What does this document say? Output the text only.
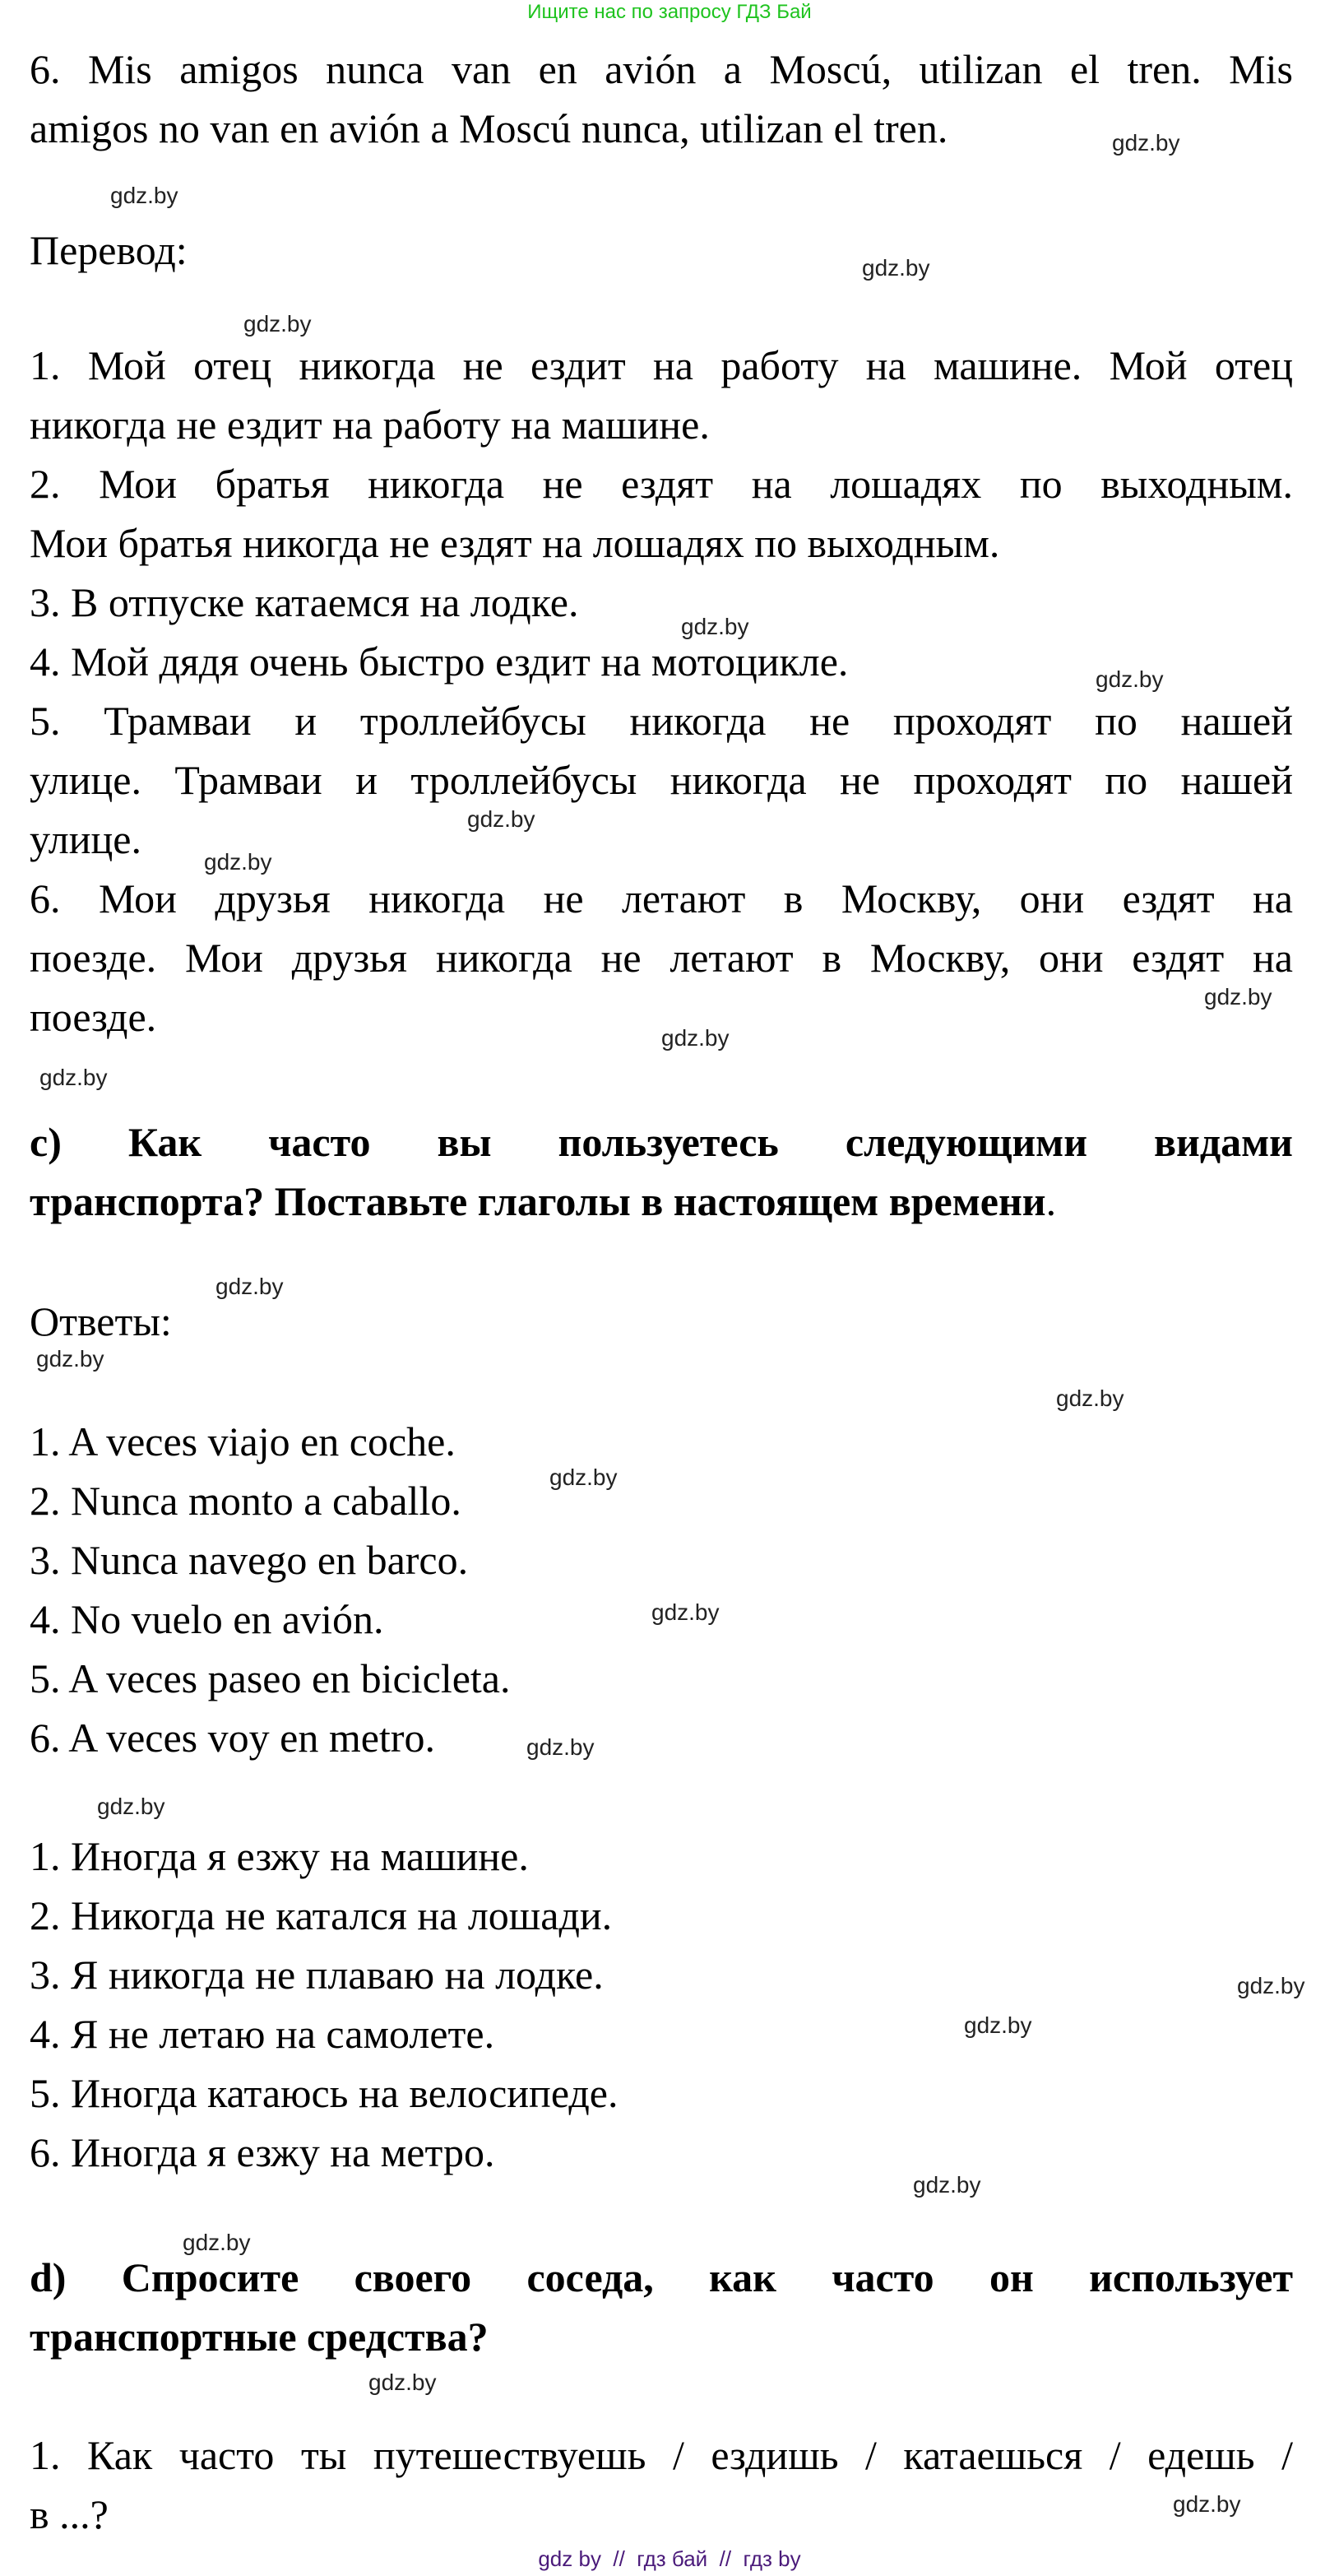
Ищите нас по запросу ГДЗ Бай
6. Mis amigos nunca van en avión a Moscú, utilizan el tren. Mis
amigos no van en avión a Moscú nunca, utilizan el tren.
Перевод:
1. Мой отец никогда не ездит на работу на машине. Мой отец
никогда не ездит на работу на машине.
2. Мои братья никогда не ездят на лошадях по выходным.
Мои братья никогда не ездят на лошадях по выходным.
3. В отпуске катаемся на лодке.
4. Мой дядя очень быстро ездит на мотоцикле.
5. Трамваи и троллейбусы никогда не проходят по нашей
улице. Трамваи и троллейбусы никогда не проходят по нашей
улице.
6. Мои друзья никогда не летают в Москву, они ездят на
поезде. Мои друзья никогда не летают в Москву, они ездят на
поезде.
c) Как часто вы пользуетесь следующими видами
транспорта? Поставьте глаголы в настоящем времени.
Ответы:
1. A veces viajo en coche.
2. Nunca monto a caballo.
3. Nunca navego en barco.
4. No vuelo en avión.
5. A veces paseo en bicicleta.
6. A veces voy en metro.
1. Иногда я езжу на машине.
2. Никогда не катался на лошади.
3. Я никогда не плаваю на лодке.
4. Я не летаю на самолете.
5. Иногда катаюсь на велосипеде.
6. Иногда я езжу на метро.
d) Спросите своего соседа, как часто он использует
транспортные средства?
1. Как часто ты путешествуешь / ездишь / катаешься / едешь /
в ...?
gdz.by
gdz.by
gdz.by
gdz.by
gdz.by
gdz.by
gdz.by
gdz.by
gdz.by
gdz.by
gdz.by
gdz.by
gdz.by
gdz.by
gdz.by
gdz.by
gdz.by
gdz.by
gdz.by
gdz.by
gdz.by
gdz.by
gdz.by
gdz.by
gdz by  //  гдз бай  //  гдз by
